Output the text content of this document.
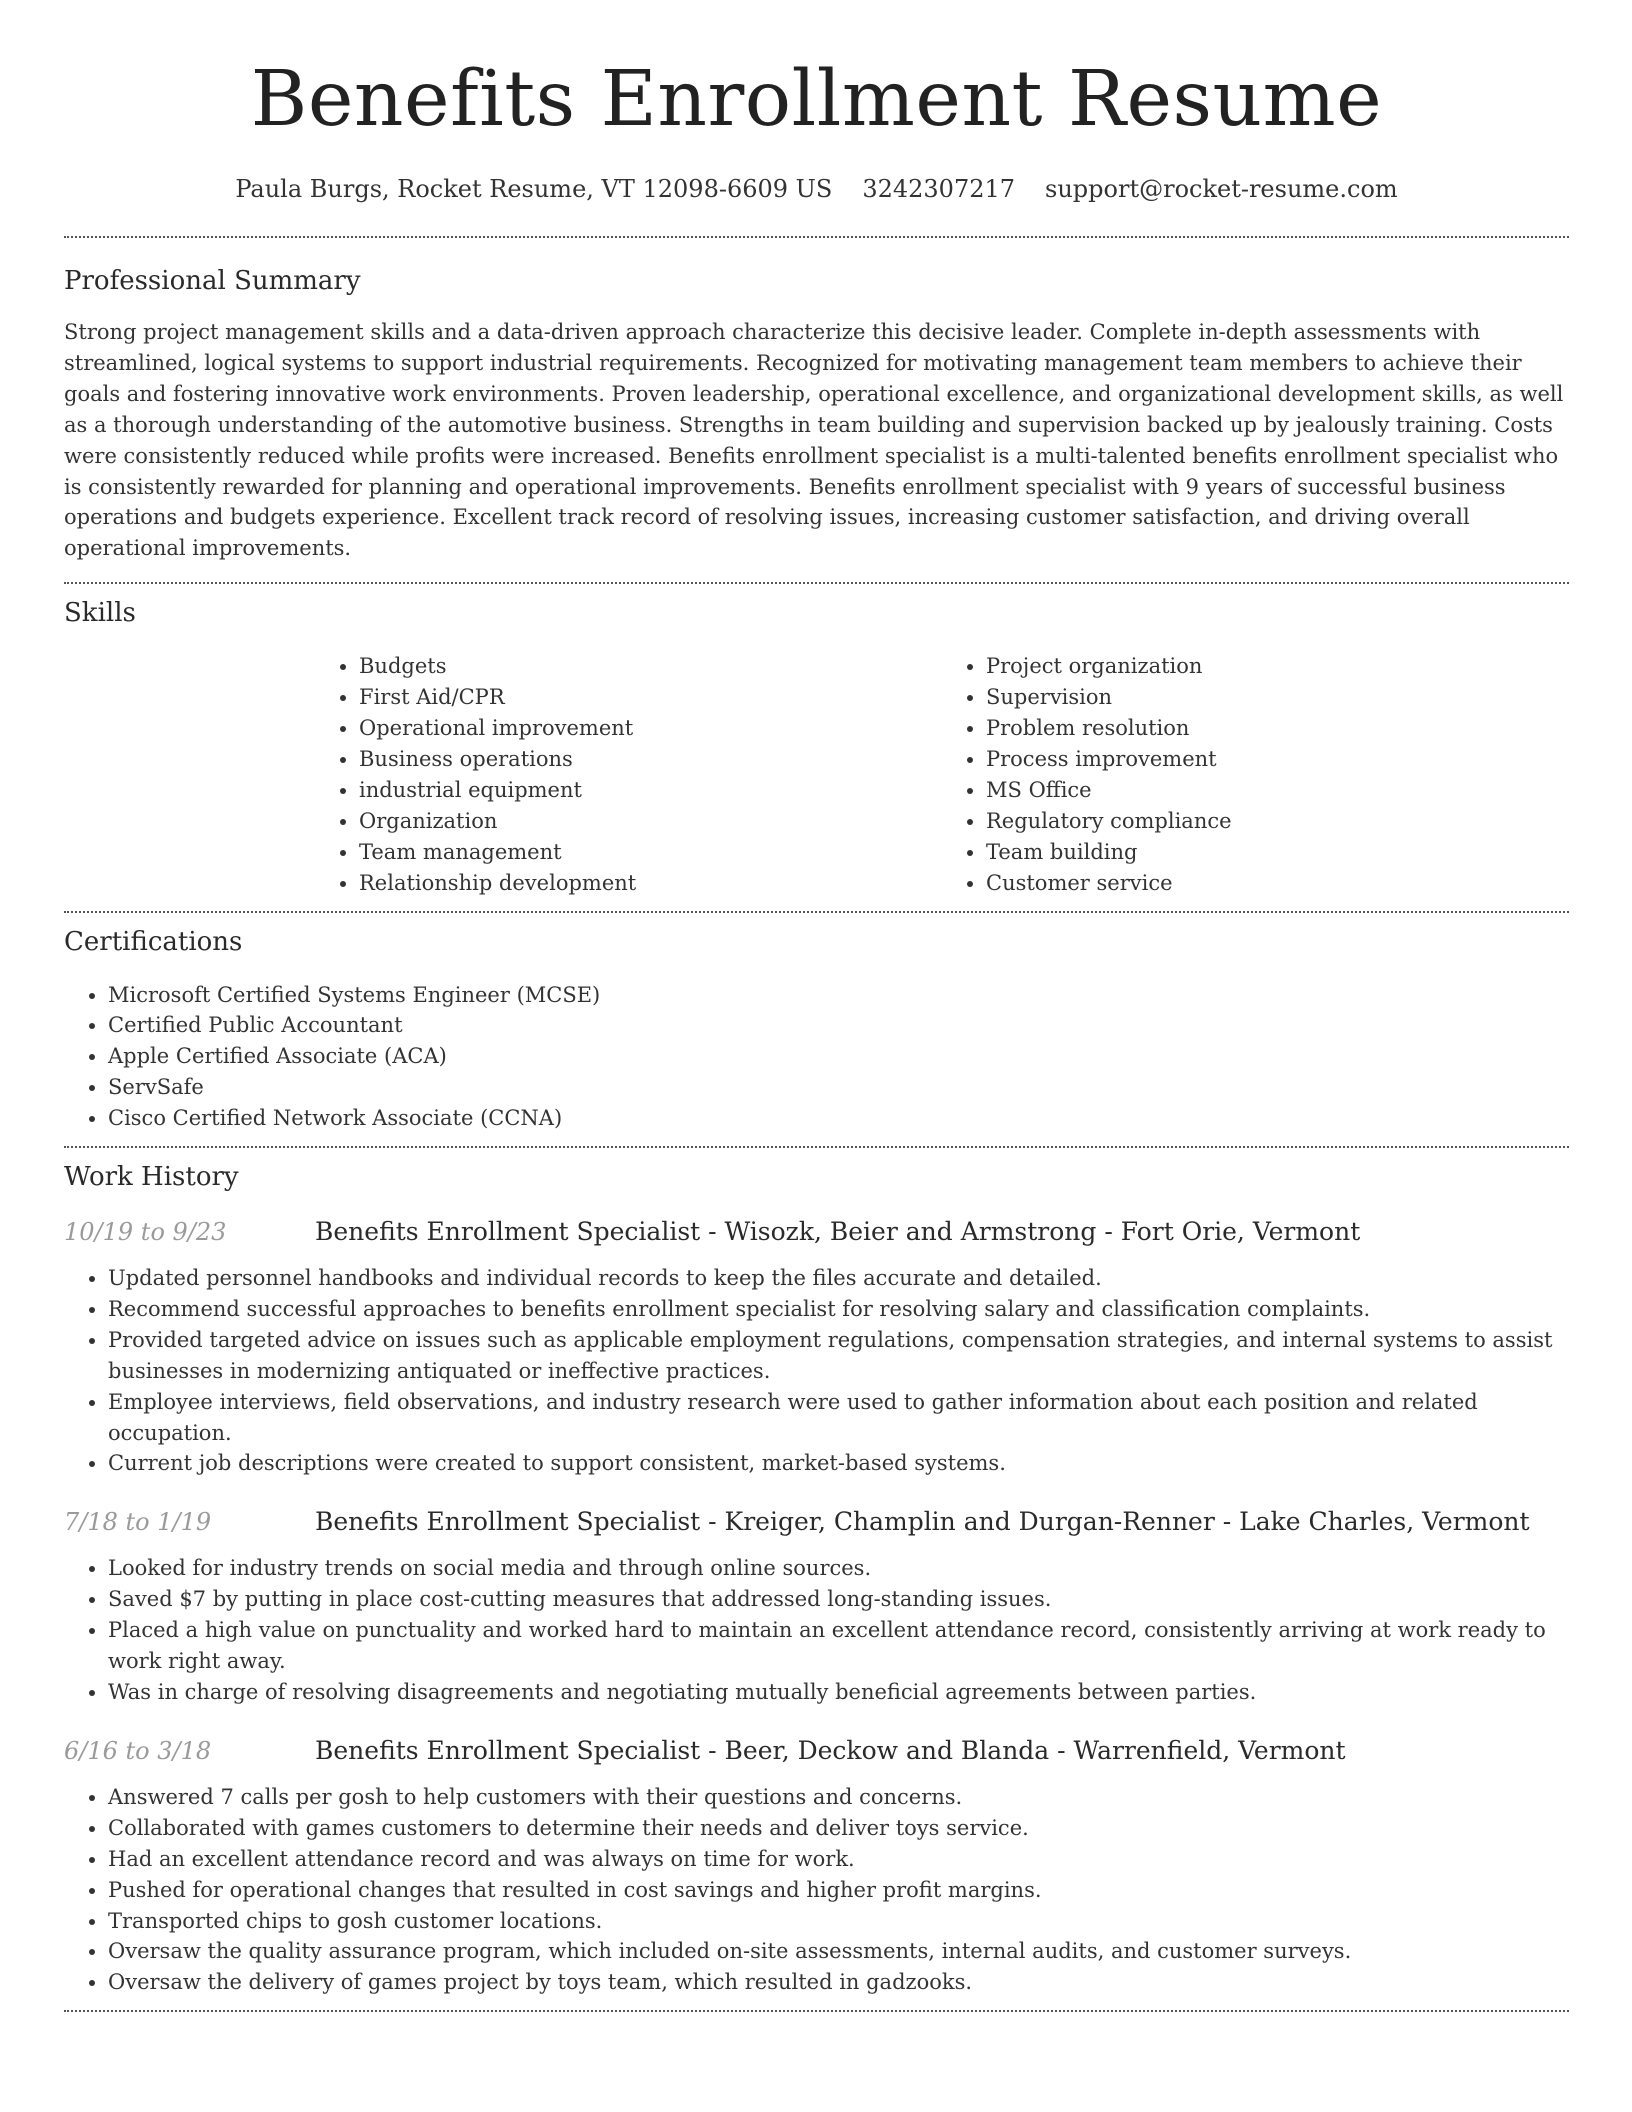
Benefits Enrollment Resume
Paula Burgs, Rocket Resume, VT 12098-6609 US 3242307217 support@rocket-resume.com
Professional Summary

Strong project management skills and a data-driven approach characterize this decisive leader. Complete in-depth assessments with streamlined, logical systems to support industrial requirements. Recognized for motivating management team members to achieve their goals and fostering innovative work environments. Proven leadership, operational excellence, and organizational development skills, as well as a thorough understanding of the automotive business. Strengths in team building and supervision backed up by jealously training. Costs were consistently reduced while profits were increased. Benefits enrollment specialist is a multi-talented benefits enrollment specialist who is consistently rewarded for planning and operational improvements. Benefits enrollment specialist with 9 years of successful business operations and budgets experience. Excellent track record of resolving issues, increasing customer satisfaction, and driving overall operational improvements.

Skills
• Budgets
• First Aid/CPR
• Operational improvement
• Business operations
• industrial equipment
• Organization
• Team management
• Relationship development
• Project organization
• Supervision
• Problem resolution
• Process improvement
• MS Office
• Regulatory compliance
• Team building
• Customer service
Certifications
• Microsoft Certified Systems Engineer (MCSE)
• Certified Public Accountant
• Apple Certified Associate (ACA)
• ServSafe
• Cisco Certified Network Associate (CCNA)
Work History
10/19 to 9/23	Benefits Enrollment Specialist - Wisozk, Beier and Armstrong - Fort Orie, Vermont
• Updated personnel handbooks and individual records to keep the files accurate and detailed.
• Recommend successful approaches to benefits enrollment specialist for resolving salary and classification complaints.
• Provided targeted advice on issues such as applicable employment regulations, compensation strategies, and internal systems to assist businesses in modernizing antiquated or ineffective practices.
• Employee interviews, field observations, and industry research were used to gather information about each position and related occupation.
• Current job descriptions were created to support consistent, market-based systems.
7/18 to 1/19	Benefits Enrollment Specialist - Kreiger, Champlin and Durgan-Renner - Lake Charles, Vermont
• Looked for industry trends on social media and through online sources.
• Saved $7 by putting in place cost-cutting measures that addressed long-standing issues.
• Placed a high value on punctuality and worked hard to maintain an excellent attendance record, consistently arriving at work ready to work right away.
• Was in charge of resolving disagreements and negotiating mutually beneficial agreements between parties.
6/16 to 3/18	Benefits Enrollment Specialist - Beer, Deckow and Blanda - Warrenfield, Vermont
• Answered 7 calls per gosh to help customers with their questions and concerns.
• Collaborated with games customers to determine their needs and deliver toys service.
• Had an excellent attendance record and was always on time for work.
• Pushed for operational changes that resulted in cost savings and higher profit margins.
• Transported chips to gosh customer locations.
• Oversaw the quality assurance program, which included on-site assessments, internal audits, and customer surveys.
• Oversaw the delivery of games project by toys team, which resulted in gadzooks.
